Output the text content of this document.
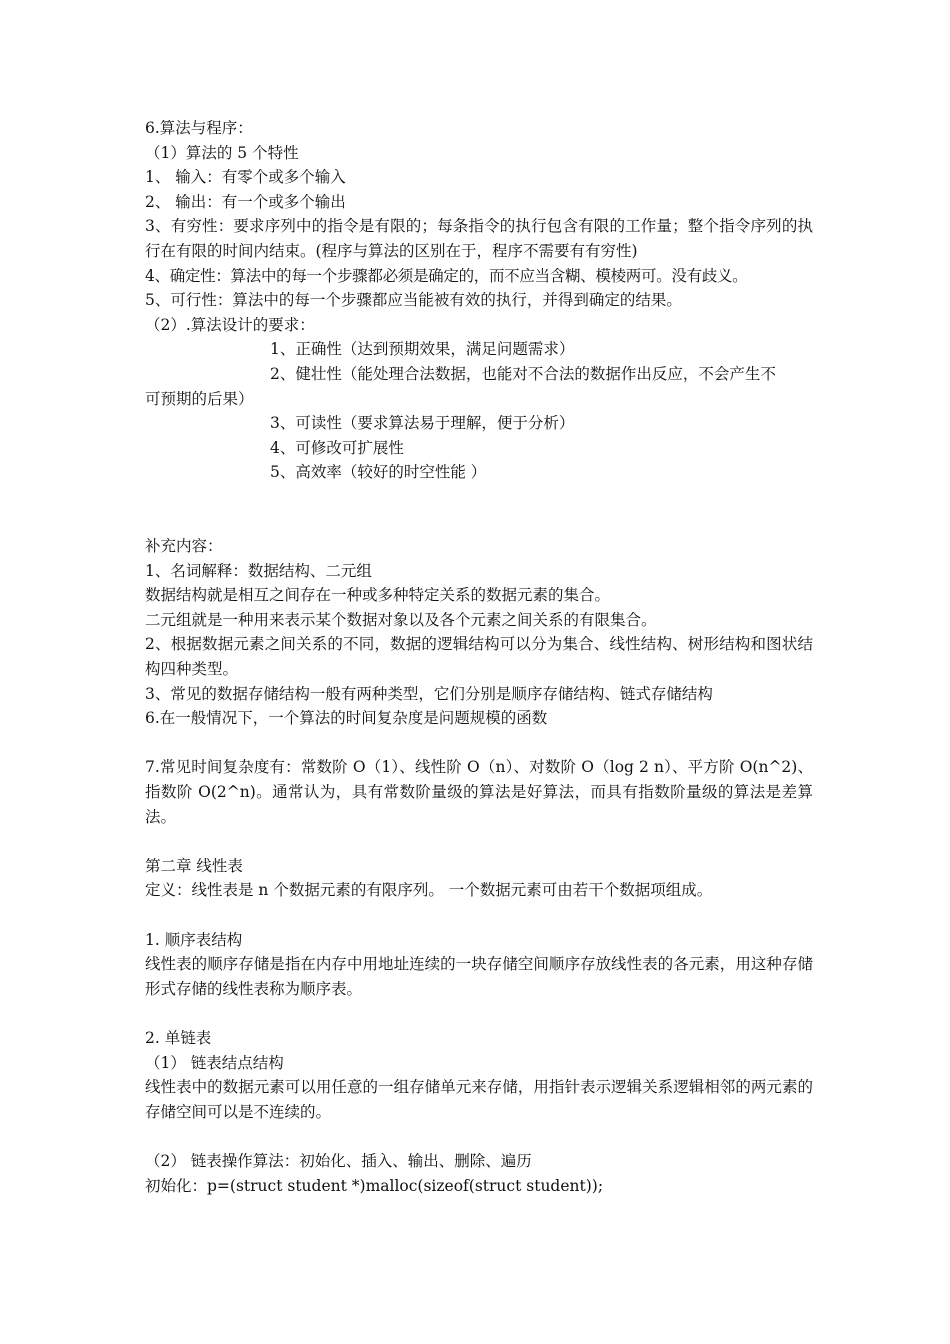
6.算法与程序：
（1）算法的 5 个特性
1、 输入：有零个或多个输入
2、 输出：有一个或多个输出
3、有穷性：要求序列中的指令是有限的；每条指令的执行包含有限的工作量；整个指令序列的执行在有限的时间内结束。(程序与算法的区别在于，程序不需要有有穷性)
4、确定性：算法中的每一个步骤都必须是确定的，而不应当含糊、模棱两可。没有歧义。
5、可行性：算法中的每一个步骤都应当能被有效的执行，并得到确定的结果。
（2）.算法设计的要求：
1、正确性（达到预期效果，满足问题需求）
2、健壮性（能处理合法数据，也能对不合法的数据作出反应，不会产生不
可预期的后果）
3、可读性（要求算法易于理解，便于分析）
4、可修改可扩展性
5、高效率（较好的时空性能 ）
补充内容：
1、名词解释：数据结构、二元组
数据结构就是相互之间存在一种或多种特定关系的数据元素的集合。
二元组就是一种用来表示某个数据对象以及各个元素之间关系的有限集合。
2、根据数据元素之间关系的不同，数据的逻辑结构可以分为集合、线性结构、树形结构和图状结构四种类型。
3、常见的数据存储结构一般有两种类型，它们分别是顺序存储结构、链式存储结构
6.在一般情况下，一个算法的时间复杂度是问题规模的函数
7.常见时间复杂度有：常数阶 O（1）、线性阶 O（n）、对数阶 O（log 2 n）、平方阶 O(n^2)、指数阶 O(2^n)。通常认为，具有常数阶量级的算法是好算法，而具有指数阶量级的算法是差算法。
第二章 线性表
定义：线性表是 n 个数据元素的有限序列。 一个数据元素可由若干个数据项组成。
1. 顺序表结构
线性表的顺序存储是指在内存中用地址连续的一块存储空间顺序存放线性表的各元素，用这种存储形式存储的线性表称为顺序表。
2. 单链表
（1） 链表结点结构
线性表中的数据元素可以用任意的一组存储单元来存储，用指针表示逻辑关系逻辑相邻的两元素的存储空间可以是不连续的。
（2） 链表操作算法：初始化、插入、输出、删除、遍历
初始化：p=(struct student *)malloc(sizeof(struct student));
